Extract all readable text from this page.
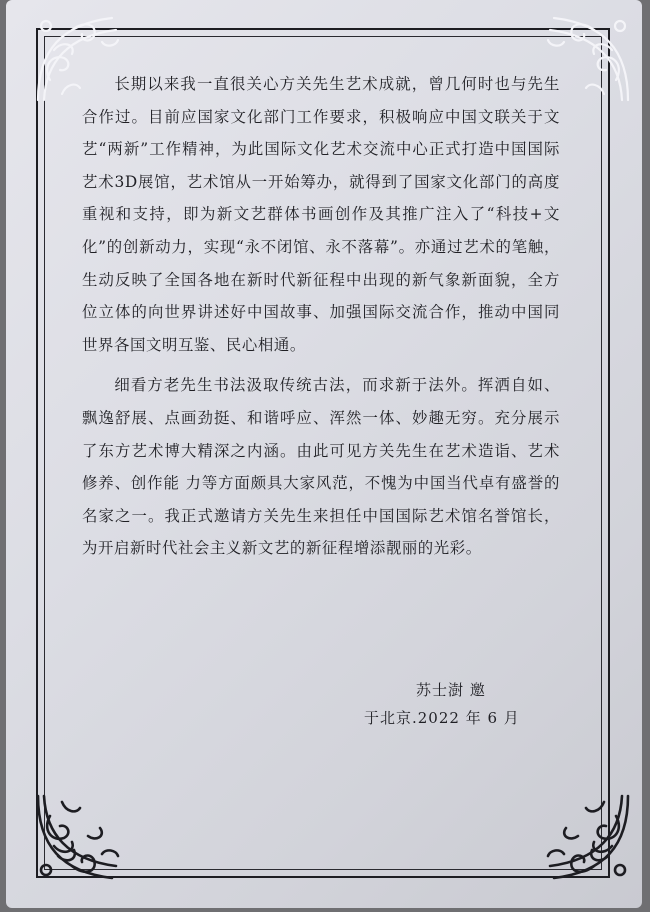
长期以来我一直很关心方关先生艺术成就，曾几何时也与先生合作过。目前应国家文化部门工作要求，积极响应中国文联关于文艺“两新”工作精神，为此国际文化艺术交流中心正式打造中国国际艺术3D展馆，艺术馆从一开始筹办，就得到了国家文化部门的高度重视和支持，即为新文艺群体书画创作及其推广注入了“科技+文化”的创新动力，实现“永不闭馆、永不落幕”。亦通过艺术的笔触，生动反映了全国各地在新时代新征程中出现的新气象新面貌，全方位立体的向世界讲述好中国故事、加强国际交流合作，推动中国同世界各国文明互鉴、民心相通。

细看方老先生书法汲取传统古法，而求新于法外。挥洒自如、飘逸舒展、点画劲挺、和谐呼应、浑然一体、妙趣无穷。充分展示了东方艺术博大精深之内涵。由此可见方关先生在艺术造诣、艺术修养、创作能 力等方面颇具大家风范，不愧为中国当代卓有盛誉的名家之一。我正式邀请方关先生来担任中国国际艺术馆名誉馆长，为开启新时代社会主义新文艺的新征程增添靓丽的光彩。

苏士澍 邀
于北京.2022 年 6 月
